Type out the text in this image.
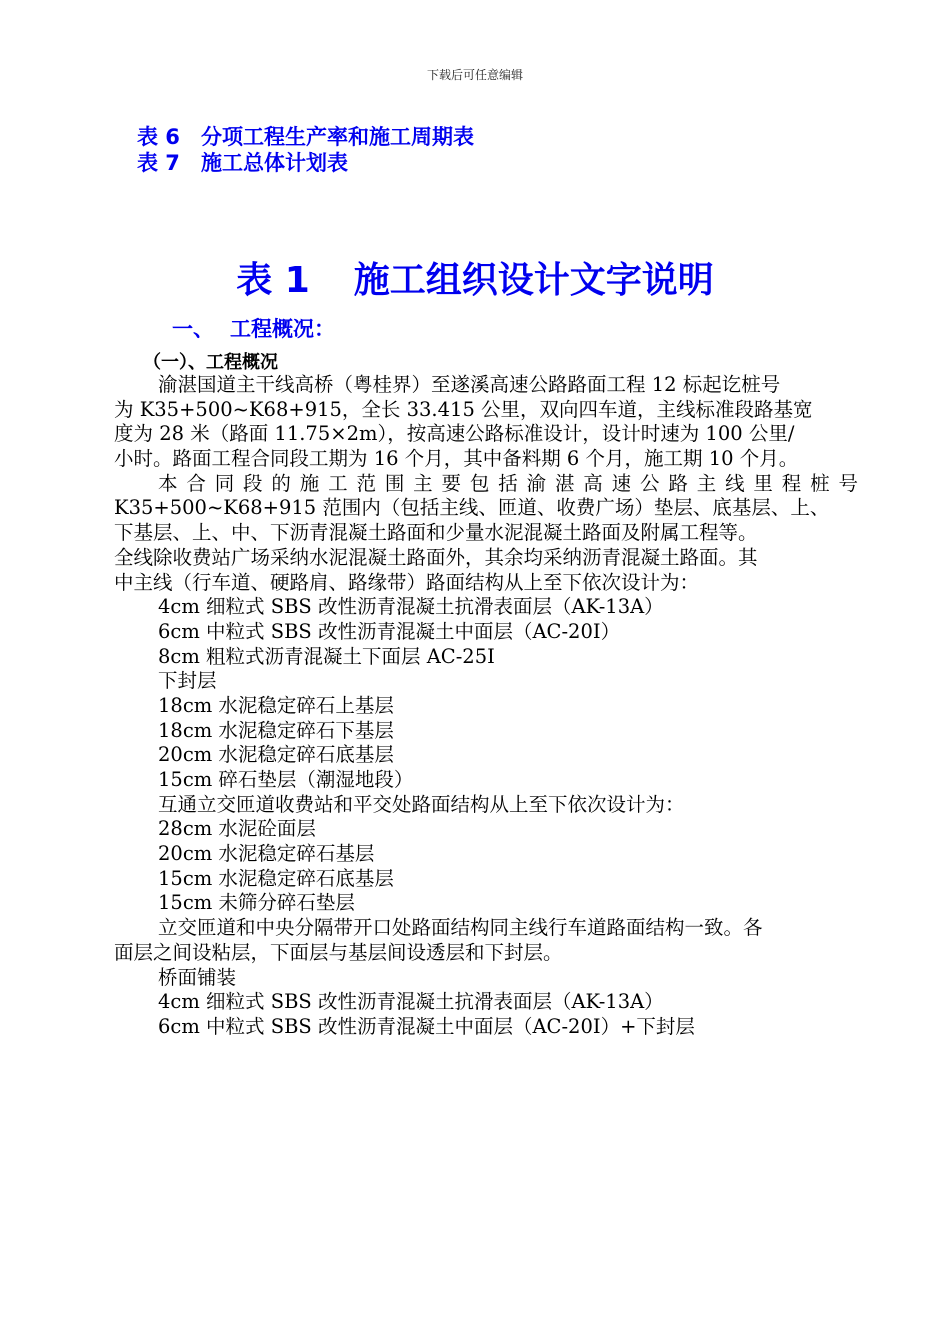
下载后可任意编辑
表 6 分项工程生产率和施工周期表
表 7 施工总体计划表
表 1 施工组织设计文字说明
一、 工程概况：
（一）、工程概况
渝湛国道主干线高桥（粤桂界）至遂溪高速公路路面工程 12 标起讫桩号
为 K35+500~K68+915，全长 33.415 公里，双向四车道，主线标准段路基宽
度为 28 米（路面 11.75×2m），按高速公路标准设计，设计时速为 100 公里/
小时。路面工程合同段工期为 16 个月，其中备料期 6 个月，施工期 10 个月。
本合同段的施工范围主要包括渝湛高速公路主线里程桩号
K35+500~K68+915 范围内（包括主线、匝道、收费广场）垫层、底基层、上、
下基层、上、中、下沥青混凝土路面和少量水泥混凝土路面及附属工程等。
全线除收费站广场采纳水泥混凝土路面外，其余均采纳沥青混凝土路面。其
中主线（行车道、硬路肩、路缘带）路面结构从上至下依次设计为：
4cm 细粒式 SBS 改性沥青混凝土抗滑表面层（AK-13A）
6cm 中粒式 SBS 改性沥青混凝土中面层（AC-20I）
8cm 粗粒式沥青混凝土下面层 AC-25I
下封层
18cm 水泥稳定碎石上基层
18cm 水泥稳定碎石下基层
20cm 水泥稳定碎石底基层
15cm 碎石垫层（潮湿地段）
互通立交匝道收费站和平交处路面结构从上至下依次设计为：
28cm 水泥砼面层
20cm 水泥稳定碎石基层
15cm 水泥稳定碎石底基层
15cm 未筛分碎石垫层
立交匝道和中央分隔带开口处路面结构同主线行车道路面结构一致。各
面层之间设粘层，下面层与基层间设透层和下封层。
桥面铺装
4cm 细粒式 SBS 改性沥青混凝土抗滑表面层（AK-13A）
6cm 中粒式 SBS 改性沥青混凝土中面层（AC-20I）+下封层
